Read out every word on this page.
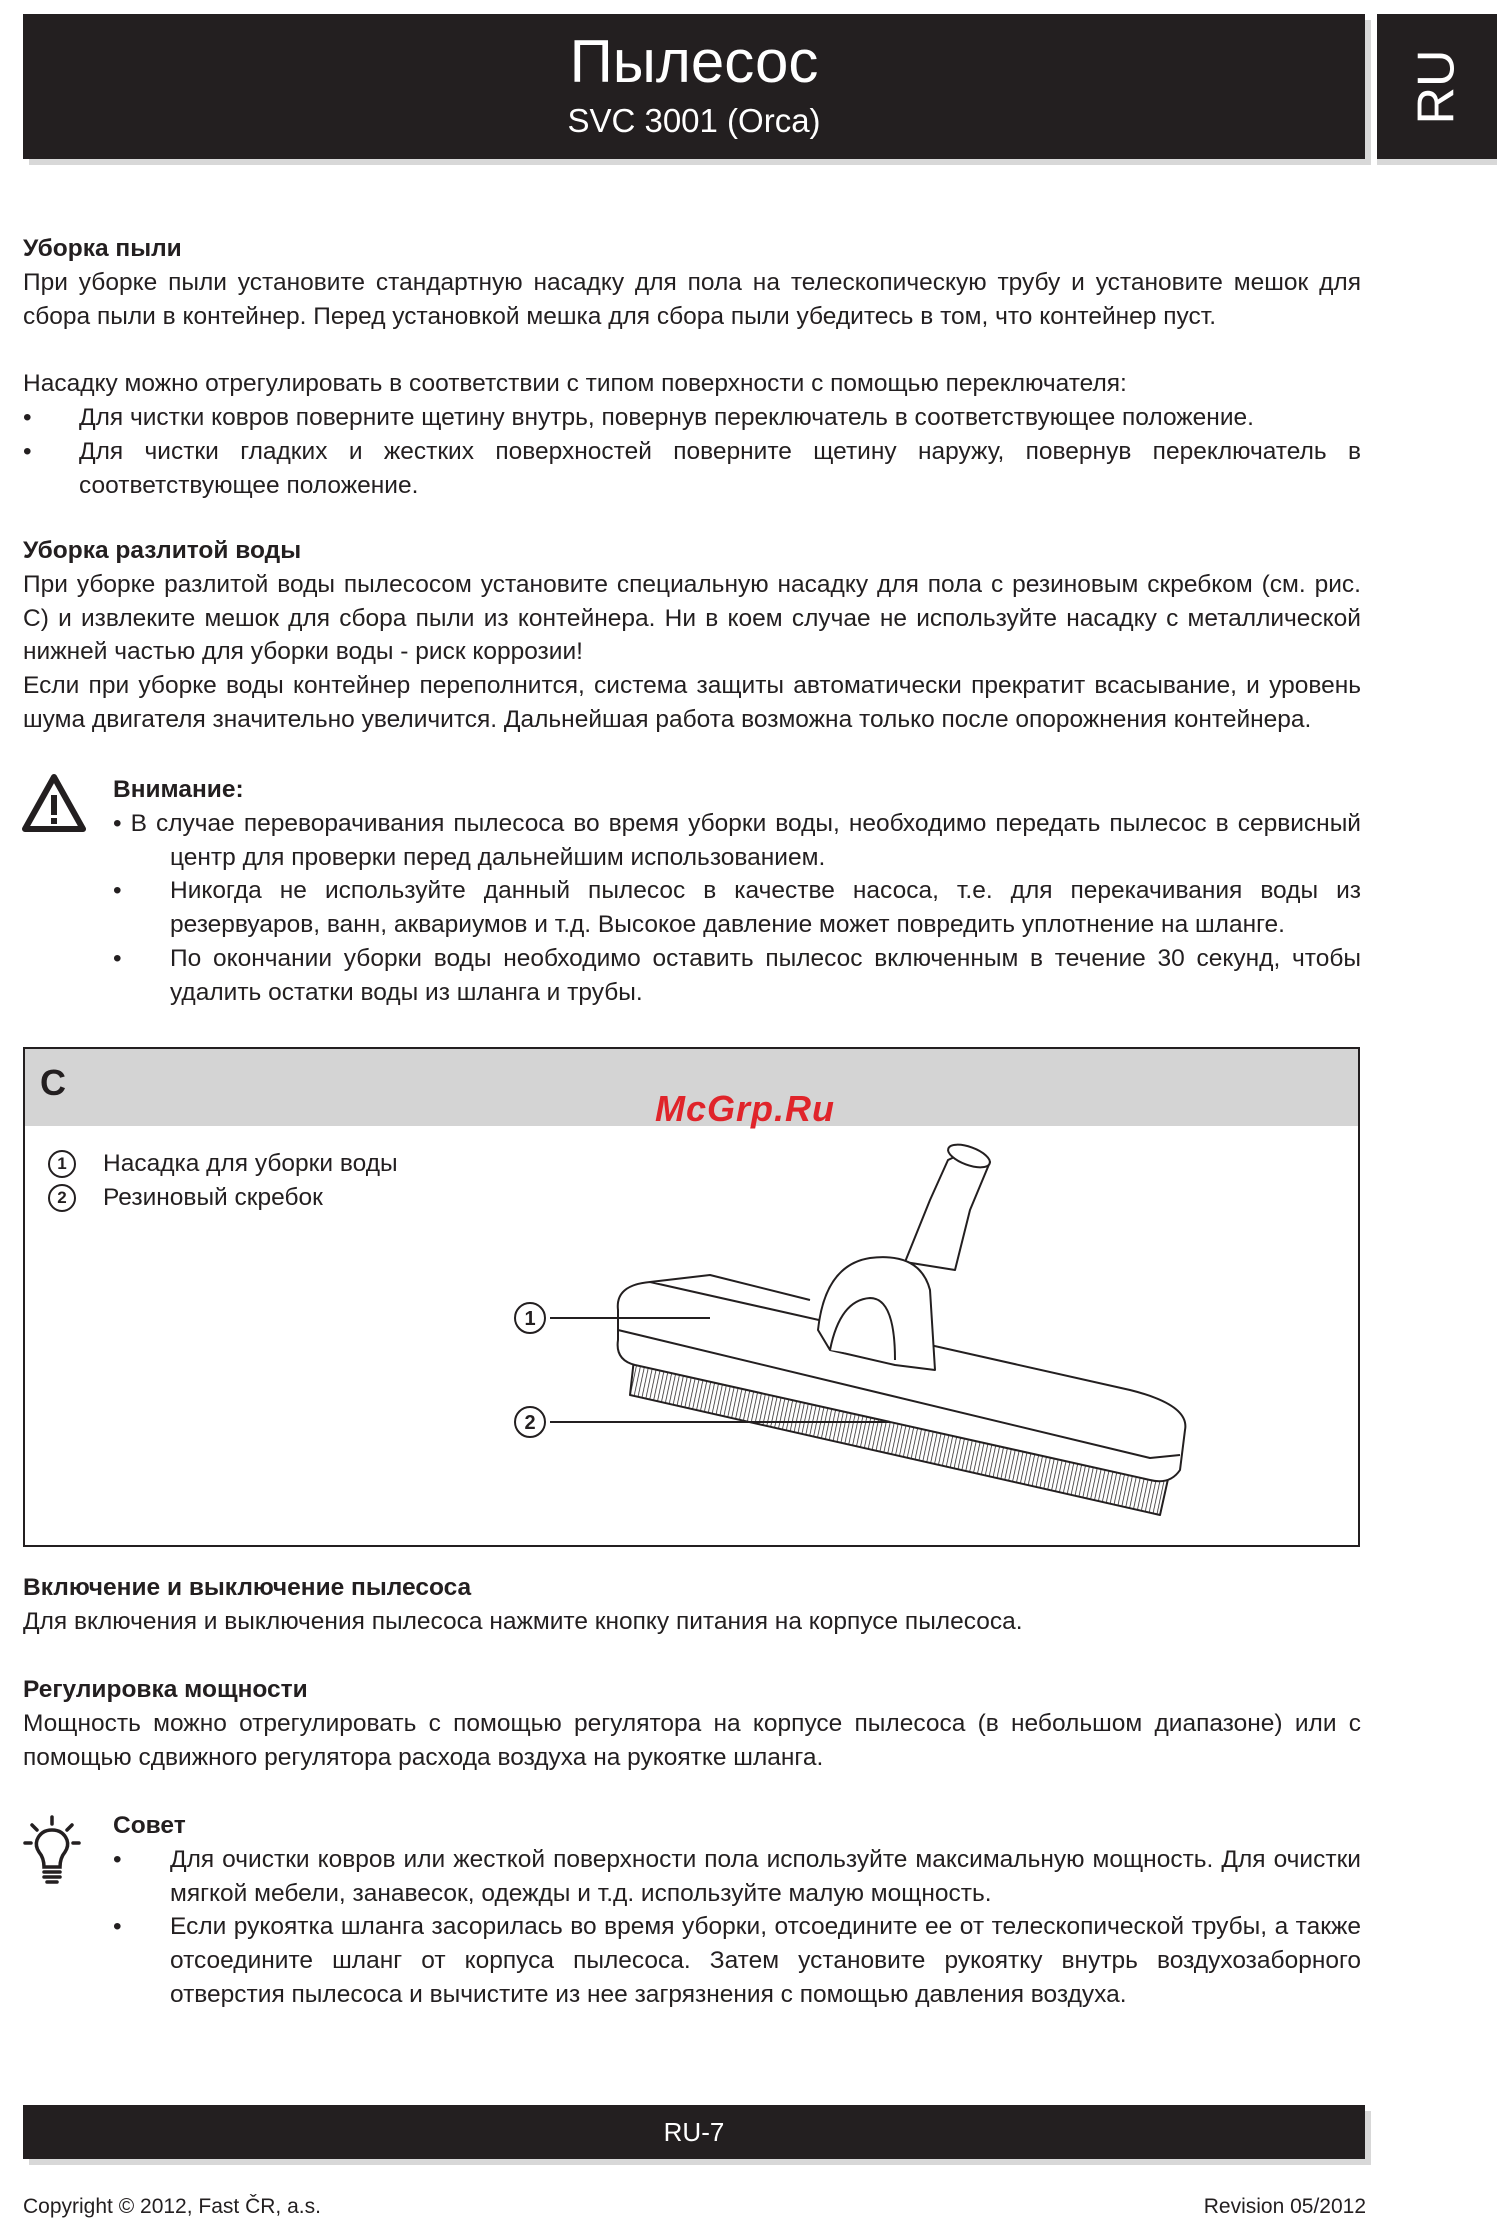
Пылесос
SVC 3001 (Orca)	RU

Уборка пыли

При уборке пыли установите стандартную насадку для пола на телескопическую трубу и установите мешок для сбора пыли в контейнер. Перед установкой мешка для сбора пыли убедитесь в том, что контейнер пуст.

Насадку можно отрегулировать в соответствии с типом поверхности с помощью переключателя:

• Для чистки ковров поверните щетину внутрь, повернув переключатель в соответствующее положение.
• Для чистки гладких и жестких поверхностей поверните щетину наружу, повернув переключатель в соответствующее положение.

Уборка разлитой воды

При уборке разлитой воды пылесосом установите специальную насадку для пола с резиновым скребком (см. рис. C) и извлеките мешок для сбора пыли из контейнера. Ни в коем случае не используйте насадку с металлической нижней частью для уборки воды - риск коррозии!

Если при уборке воды контейнер переполнится, система защиты автоматически прекратит всасывание, и уровень шума двигателя значительно увеличится. Дальнейшая работа возможна только после опорожнения контейнера.

Внимание:

• В случае переворачивания пылесоса во время уборки воды, необходимо передать пылесос в сервисный центр для проверки перед дальнейшим использованием.
• Никогда не используйте данный пылесос в качестве насоса, т.е. для перекачивания воды из резервуаров, ванн, аквариумов и т.д. Высокое давление может повредить уплотнение на шланге.
• По окончании уборки воды необходимо оставить пылесос включенным в течение 30 секунд, чтобы удалить остатки воды из шланга и трубы.
C
McGrp.Ru
1	Насадка для уборки воды
2	Резиновый скребок
1
2

Включение и выключение пылесоса

Для включения и выключения пылесоса нажмите кнопку питания на корпусе пылесоса.

Регулировка мощности

Мощность можно отрегулировать с помощью регулятора на корпусе пылесоса (в небольшом диапазоне) или с помощью сдвижного регулятора расхода воздуха на рукоятке шланга.

Совет

• Для очистки ковров или жесткой поверхности пола используйте максимальную мощность. Для очистки мягкой мебели, занавесок, одежды и т.д. используйте малую мощность.
• Если рукоятка шланга засорилась во время уборки, отсоедините ее от телескопической трубы, а также отсоедините шланг от корпуса пылесоса. Затем установите рукоятку внутрь воздухозаборного отверстия пылесоса и вычистите из нее загрязнения с помощью давления воздуха.
RU-7
Copyright © 2012, Fast ČR, a.s.	Revision 05/2012
